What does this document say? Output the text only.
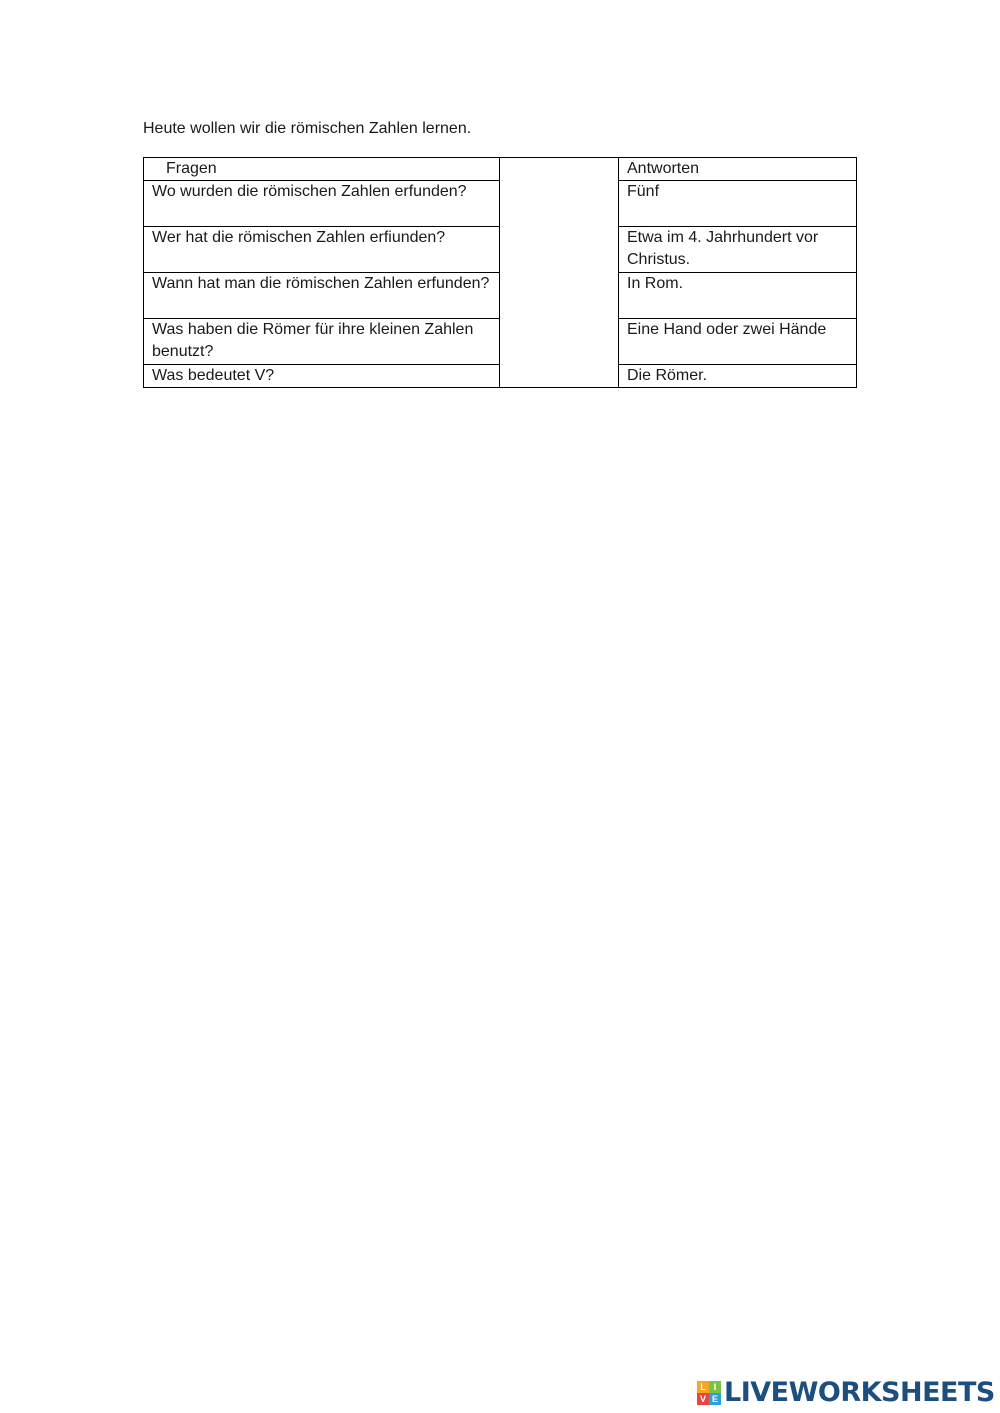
Heute wollen wir die römischen Zahlen lernen.
Fragen		Antworten
Wo wurden die römischen Zahlen erfunden?		Fünf
Wer hat die römischen Zahlen erfiunden?		Etwa im 4. Jahrhundert vor Christus.
Wann hat man die römischen Zahlen erfunden?		In Rom.
Was haben die Römer für ihre kleinen Zahlen benutzt?		Eine Hand oder zwei Hände
Was bedeutet V?		Die Römer.
L I
V E LIVEWORKSHEETS
